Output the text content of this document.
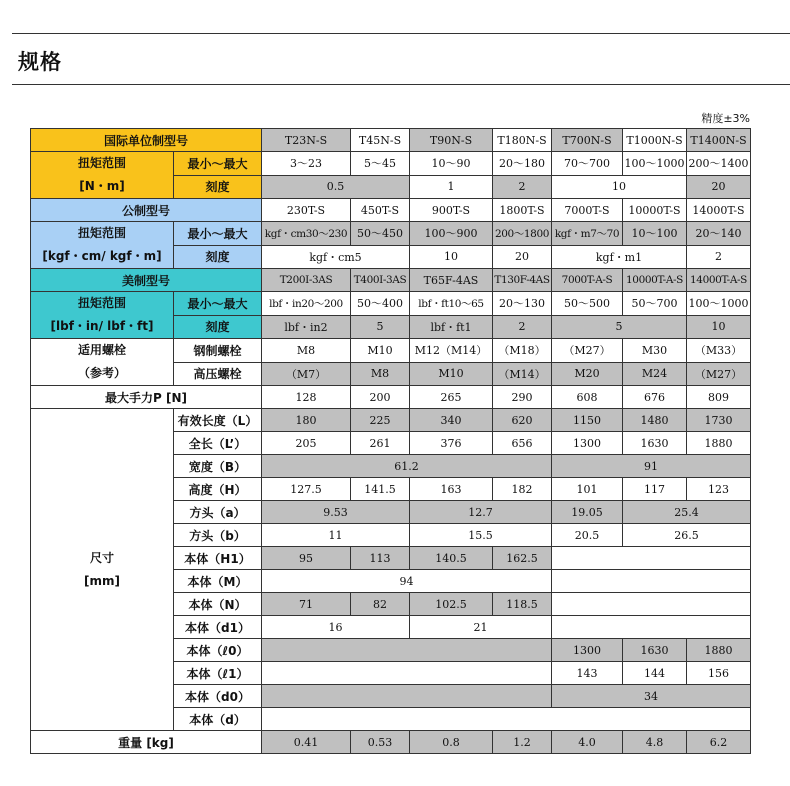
规格
精度±3%
国际单位制型号		T23N-S	T45N-S	T90N-S	T180N-S	T700N-S	T1000N-S	T1400N-S

扭矩范围
[N・m]	最小～最大	3～23	5～45	10～90	20～180	70～700	100～1000	200～1400
	刻度	0.5		1	2	10		20
公制型号		230T-S	450T-S	900T-S	1800T-S	7000T-S	10000T-S	14000T-S

扭矩范围
[kgf・cm/ kgf・m]	最小～最大	kgf・cm30～230	50～450	100～900	200～1800	kgf・m7～70	10～100	20～140
	刻度	kgf・cm5		10	20	kgf・m1		2
美制型号		T200I-3AS	T400I-3AS	T65F-4AS	T130F-4AS	7000T-A-S	10000T-A-S	14000T-A-S

扭矩范围
[lbf・in/ lbf・ft]	最小～最大	lbf・in20～200	50～400	lbf・ft10～65	20～130	50～500	50～700	100～1000
	刻度	lbf・in2	5	lbf・ft1	2	5		10

适用螺栓
（参考）	钢制螺栓	M8	M10	M12（M14）	（M18）	（M27）	M30	（M33）
	高压螺栓	（M7）	M8	M10	（M14）	M20	M24	（M27）
最大手力P [N]		128	200	265	290	608	676	809

尺寸
[mm]	有效长度（L）	180	225	340	620	1150	1480	1730
	全长（L’）	205	261	376	656	1300	1630	1880
	宽度（B）	61.2				91		
	高度（H）	127.5	141.5	163	182	101	117	123
	方头（a）	9.53		12.7		19.05	25.4	
	方头（b）	11		15.5		20.5	26.5	
	本体（H1）	95	113	140.5	162.5			
	本体（M）	94						
	本体（N）	71	82	102.5	118.5			
	本体（d1）	16		21				
	本体（ℓ0）					1300	1630	1880
	本体（ℓ1）					143	144	156
	本体（d0）					34		
	本体（d）							
重量 [kg]		0.41	0.53	0.8	1.2	4.0	4.8	6.2
